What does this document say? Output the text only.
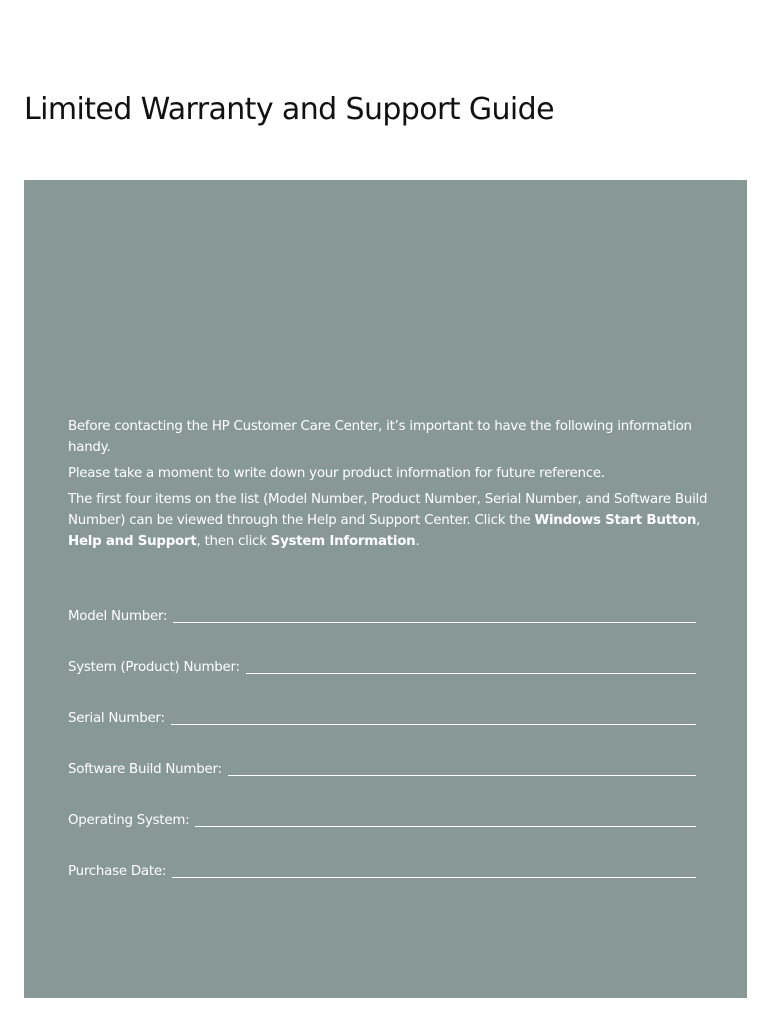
Limited Warranty and Support Guide

Before contacting the HP Customer Care Center, it’s important to have the following information handy.

Please take a moment to write down your product information for future reference.

The first four items on the list (Model Number, Product Number, Serial Number, and Software Build Number) can be viewed through the Help and Support Center. Click the Windows Start Button, Help and Support, then click System Information.

Model Number:
System (Product) Number:
Serial Number:
Software Build Number:
Operating System:
Purchase Date:
